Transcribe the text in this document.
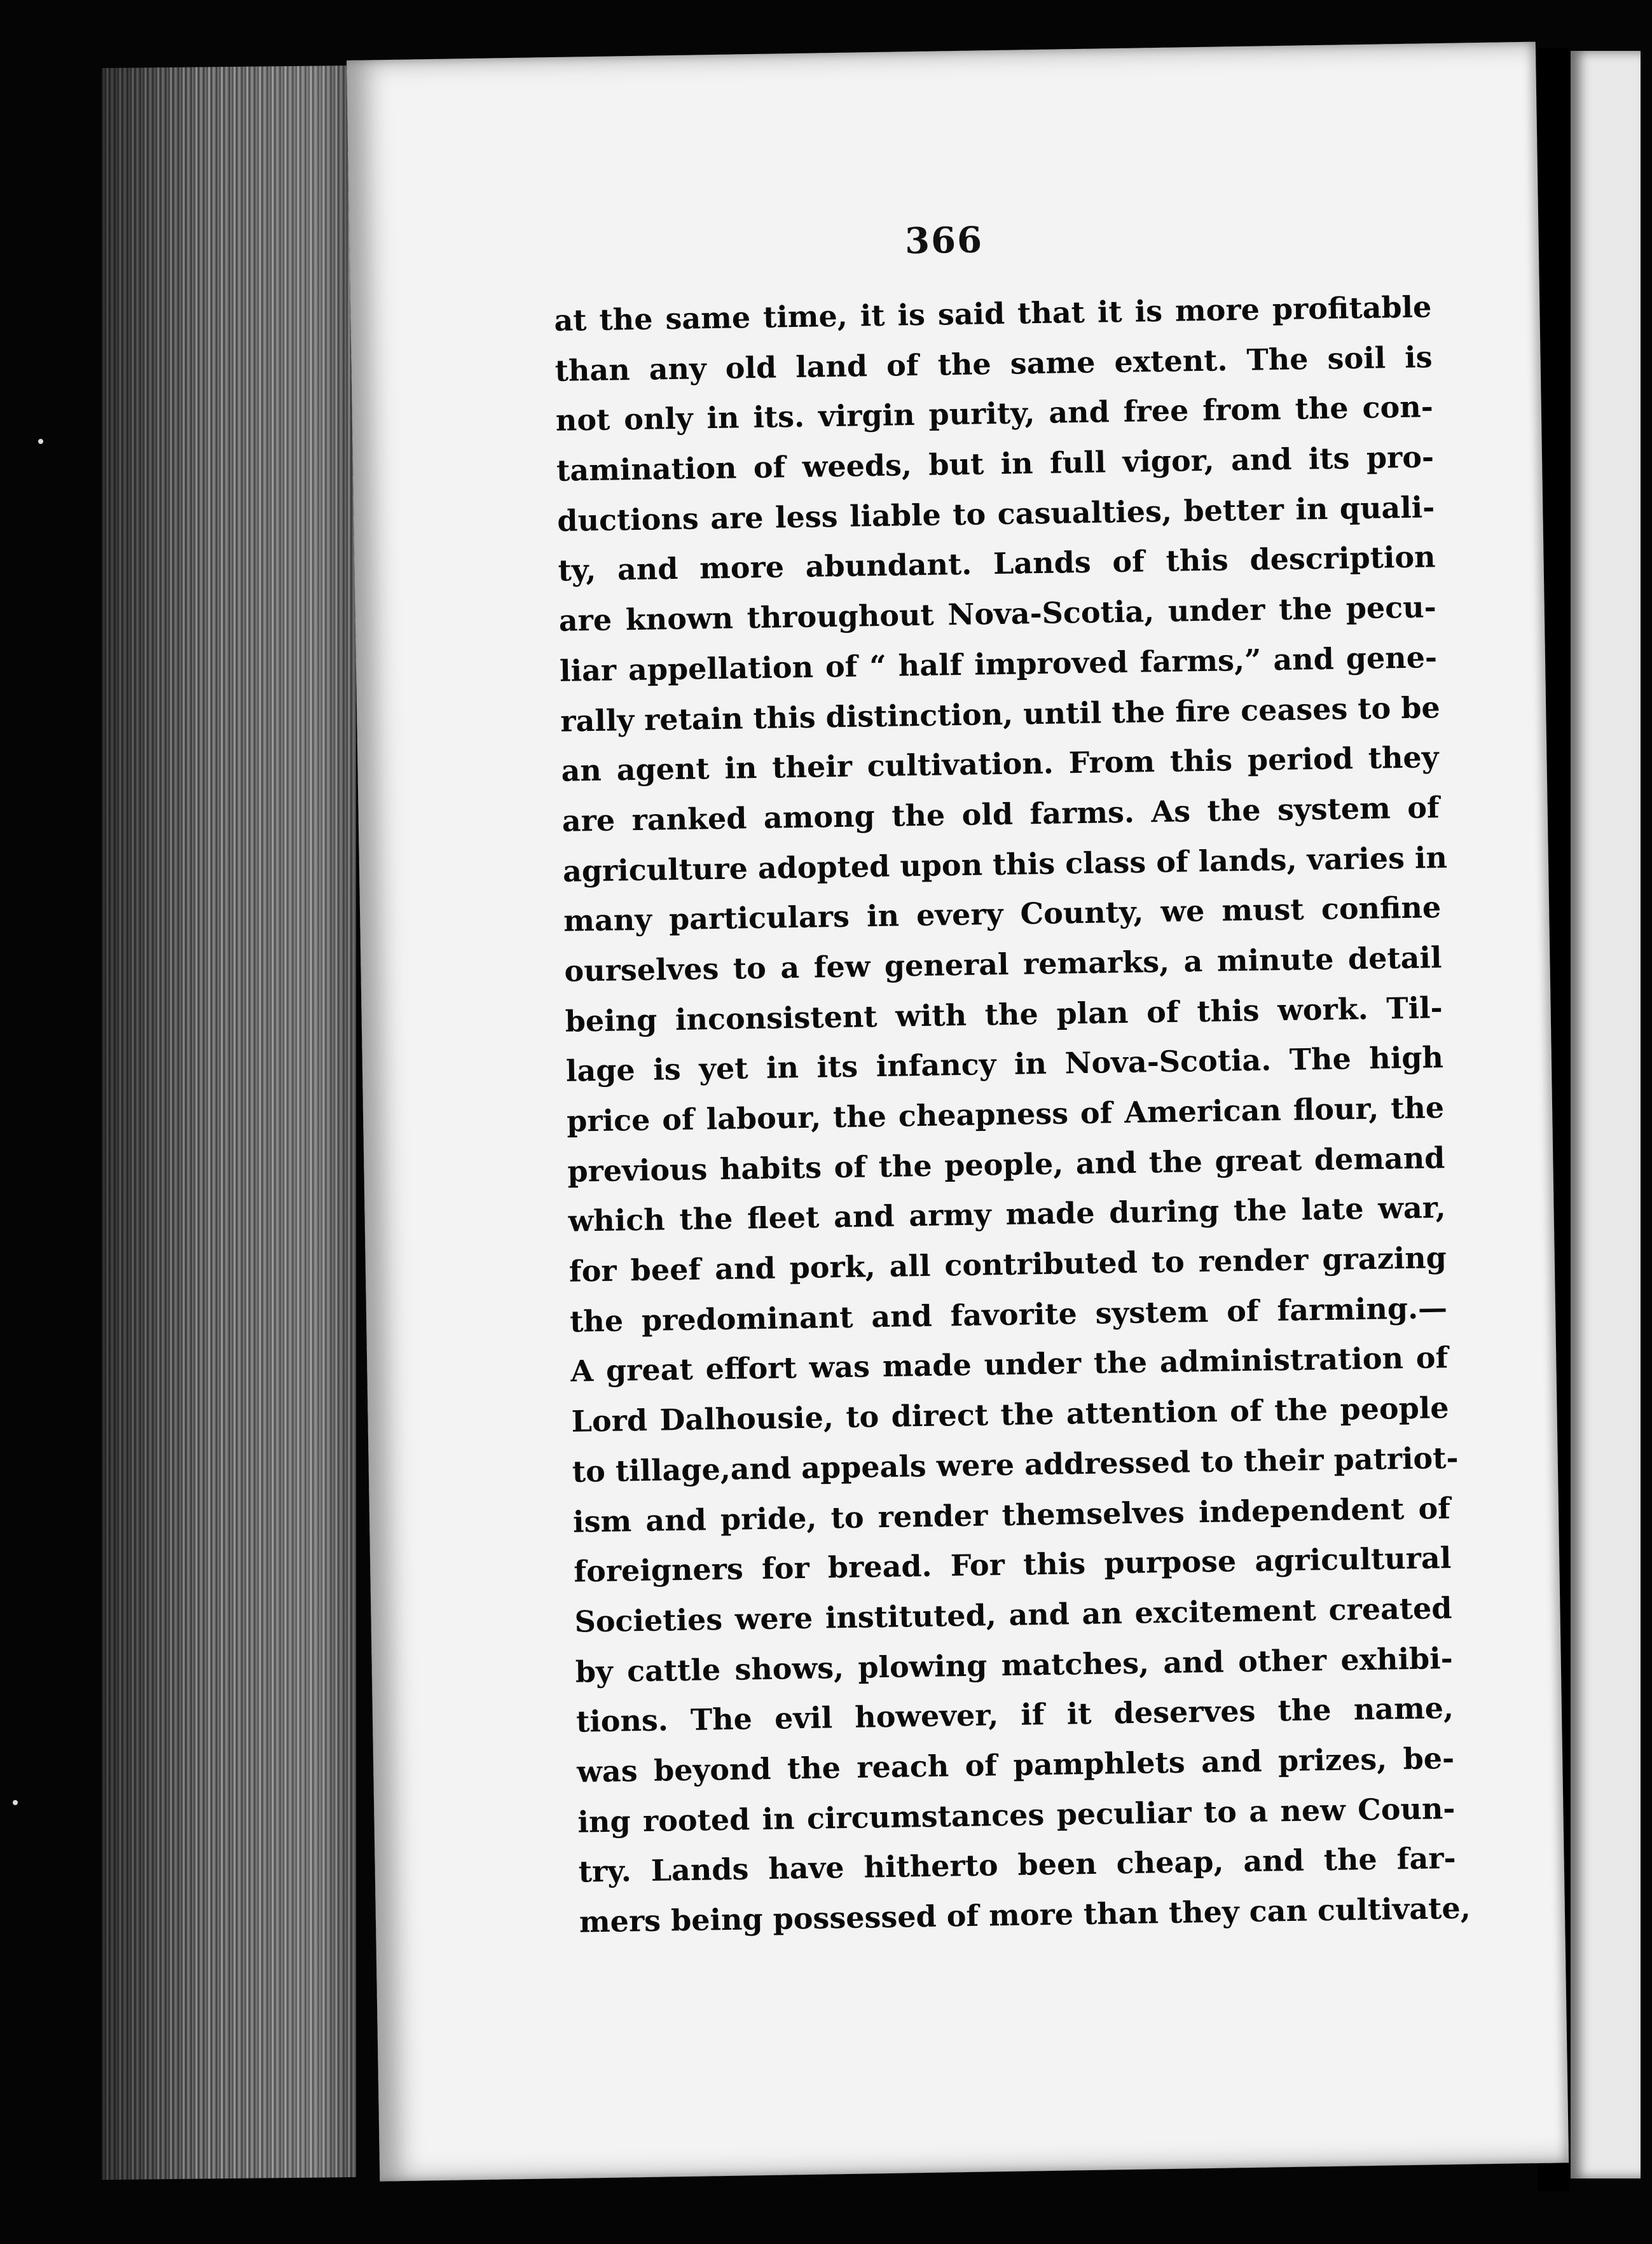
366
at the same time, it is said that it is more profitable
than any old land of the same extent. The soil is
not only in its. virgin purity, and free from the con-
tamination of weeds, but in full vigor, and its pro-
ductions are less liable to casualties, better in quali-
ty, and more abundant. Lands of this description
are known throughout Nova-Scotia, under the pecu-
liar appellation of “ half improved farms,” and gene-
rally retain this distinction, until the fire ceases to be
an agent in their cultivation. From this period they
are ranked among the old farms. As the system of
agriculture adopted upon this class of lands, varies in
many particulars in every County, we must confine
ourselves to a few general remarks, a minute detail
being inconsistent with the plan of this work. Til-
lage is yet in its infancy in Nova-Scotia. The high
price of labour, the cheapness of American flour, the
previous habits of the people, and the great demand
which the fleet and army made during the late war,
for beef and pork, all contributed to render grazing
the predominant and favorite system of farming.—
A great effort was made under the administration of
Lord Dalhousie, to direct the attention of the people
to tillage,and appeals were addressed to their patriot-
ism and pride, to render themselves independent of
foreigners for bread. For this purpose agricultural
Societies were instituted, and an excitement created
by cattle shows, plowing matches, and other exhibi-
tions. The evil however, if it deserves the name,
was beyond the reach of pamphlets and prizes, be-
ing rooted in circumstances peculiar to a new Coun-
try. Lands have hitherto been cheap, and the far-
mers being possessed of more than they can cultivate,
